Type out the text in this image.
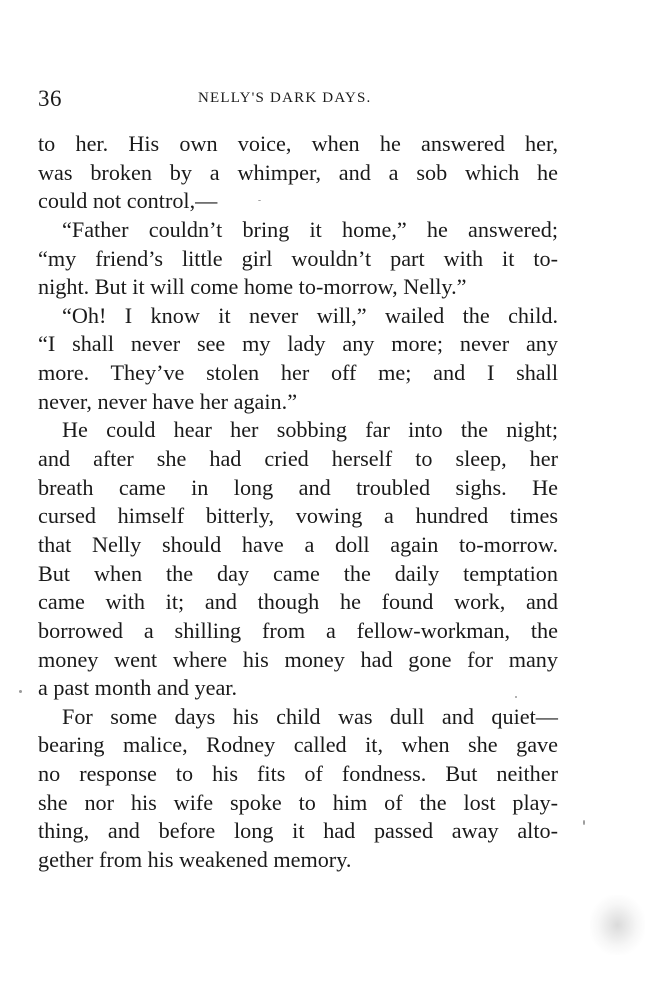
36	NELLY'S DARK DAYS.
to her. His own voice, when he answered her,
was broken by a whimper, and a sob which he
could not control,—
“Father couldn’t bring it home,” he answered;
“my friend’s little girl wouldn’t part with it to-
night. But it will come home to-morrow, Nelly.”
“Oh! I know it never will,” wailed the child.
“I shall never see my lady any more; never any
more. They’ve stolen her off me; and I shall
never, never have her again.”
He could hear her sobbing far into the night;
and after she had cried herself to sleep, her
breath came in long and troubled sighs. He
cursed himself bitterly, vowing a hundred times
that Nelly should have a doll again to-morrow.
But when the day came the daily temptation
came with it; and though he found work, and
borrowed a shilling from a fellow-workman, the
money went where his money had gone for many
a past month and year.
For some days his child was dull and quiet—
bearing malice, Rodney called it, when she gave
no response to his fits of fondness. But neither
she nor his wife spoke to him of the lost play-
thing, and before long it had passed away alto-
gether from his weakened memory.
